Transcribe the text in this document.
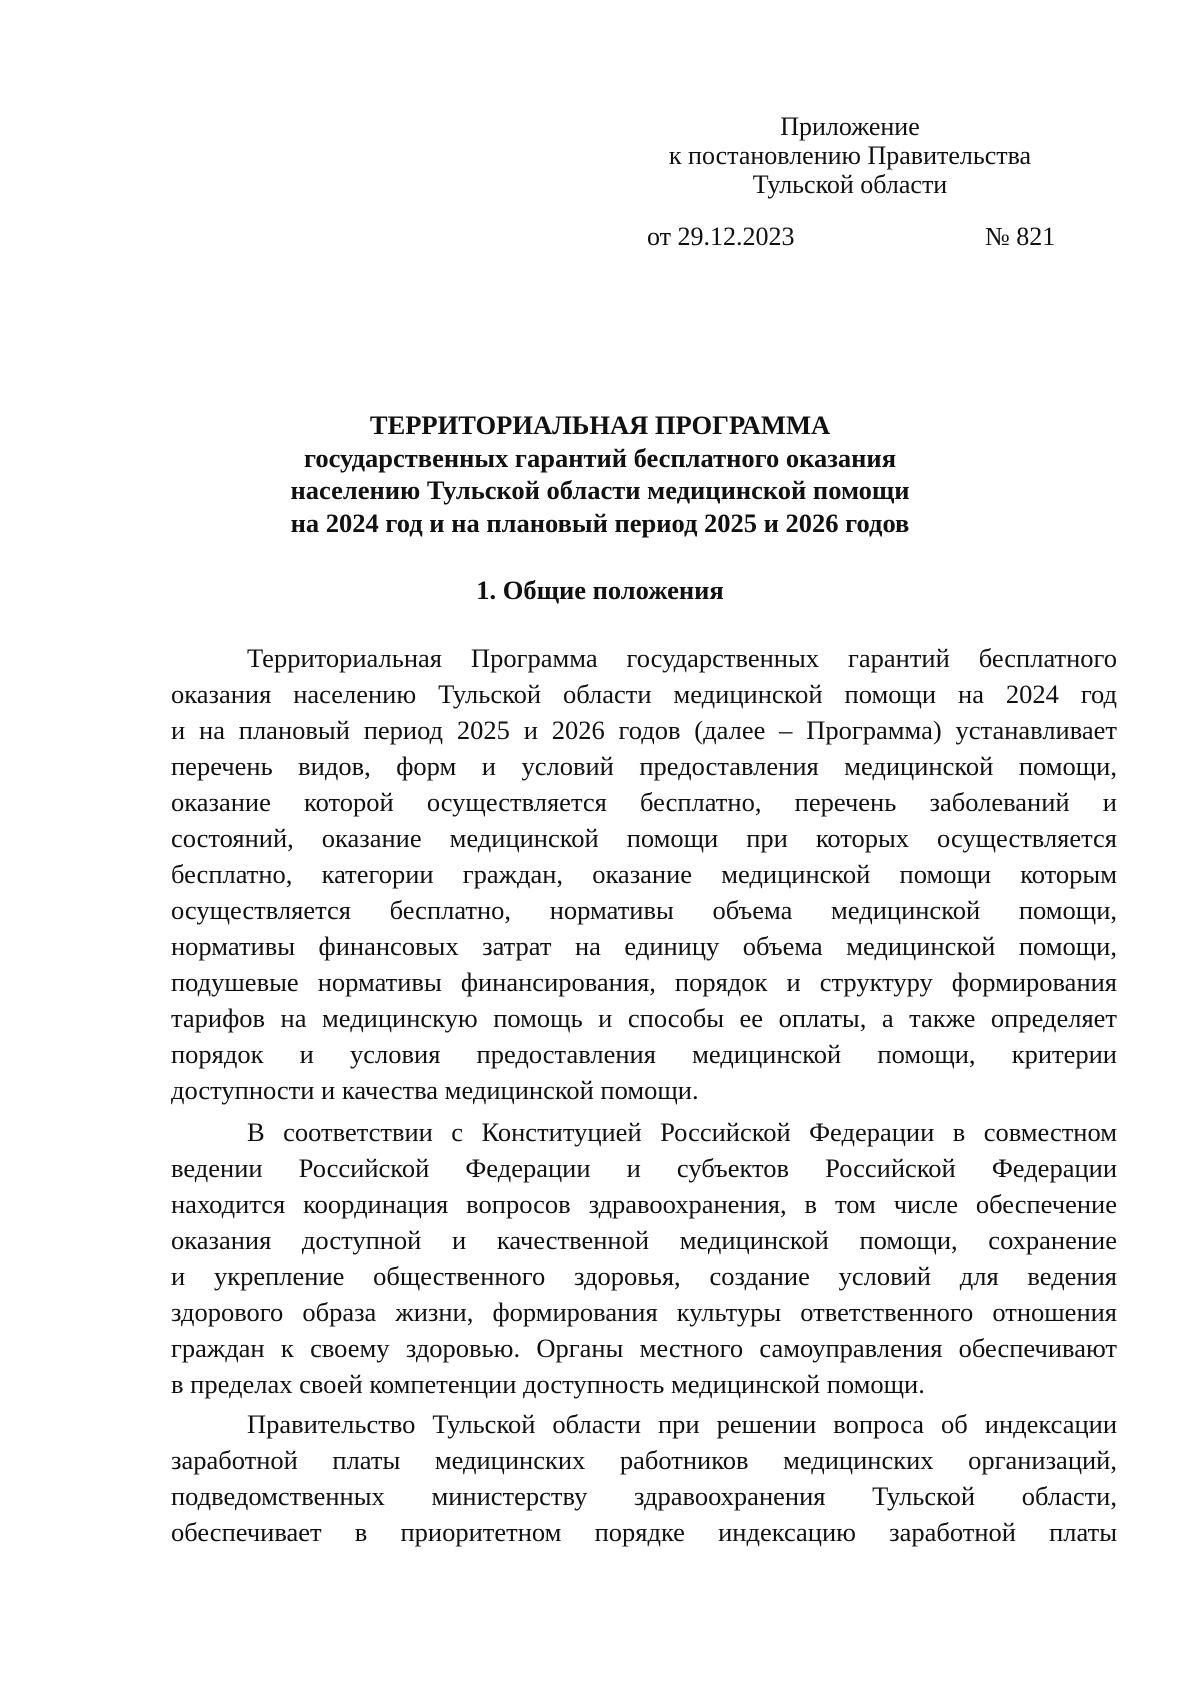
Приложение
к постановлению Правительства
Тульской области
от 29.12.2023	№ 821
ТЕРРИТОРИАЛЬНАЯ ПРОГРАММА
государственных гарантий бесплатного оказания
населению Тульской области медицинской помощи
на 2024 год и на плановый период 2025 и 2026 годов
1. Общие положения
Территориальная Программа государственных гарантий бесплатного
оказания населению Тульской области медицинской помощи на 2024 год
и на плановый период 2025 и 2026 годов (далее – Программа) устанавливает
перечень видов, форм и условий предоставления медицинской помощи,
оказание которой осуществляется бесплатно, перечень заболеваний и
состояний, оказание медицинской помощи при которых осуществляется
бесплатно, категории граждан, оказание медицинской помощи которым
осуществляется бесплатно, нормативы объема медицинской помощи,
нормативы финансовых затрат на единицу объема медицинской помощи,
подушевые нормативы финансирования, порядок и структуру формирования
тарифов на медицинскую помощь и способы ее оплаты, а также определяет
порядок и условия предоставления медицинской помощи, критерии
доступности и качества медицинской помощи.
В соответствии с Конституцией Российской Федерации в совместном
ведении Российской Федерации и субъектов Российской Федерации
находится координация вопросов здравоохранения, в том числе обеспечение
оказания доступной и качественной медицинской помощи, сохранение
и укрепление общественного здоровья, создание условий для ведения
здорового образа жизни, формирования культуры ответственного отношения
граждан к своему здоровью. Органы местного самоуправления обеспечивают
в пределах своей компетенции доступность медицинской помощи.
Правительство Тульской области при решении вопроса об индексации
заработной платы медицинских работников медицинских организаций,
подведомственных министерству здравоохранения Тульской области,
обеспечивает в приоритетном порядке индексацию заработной платы
